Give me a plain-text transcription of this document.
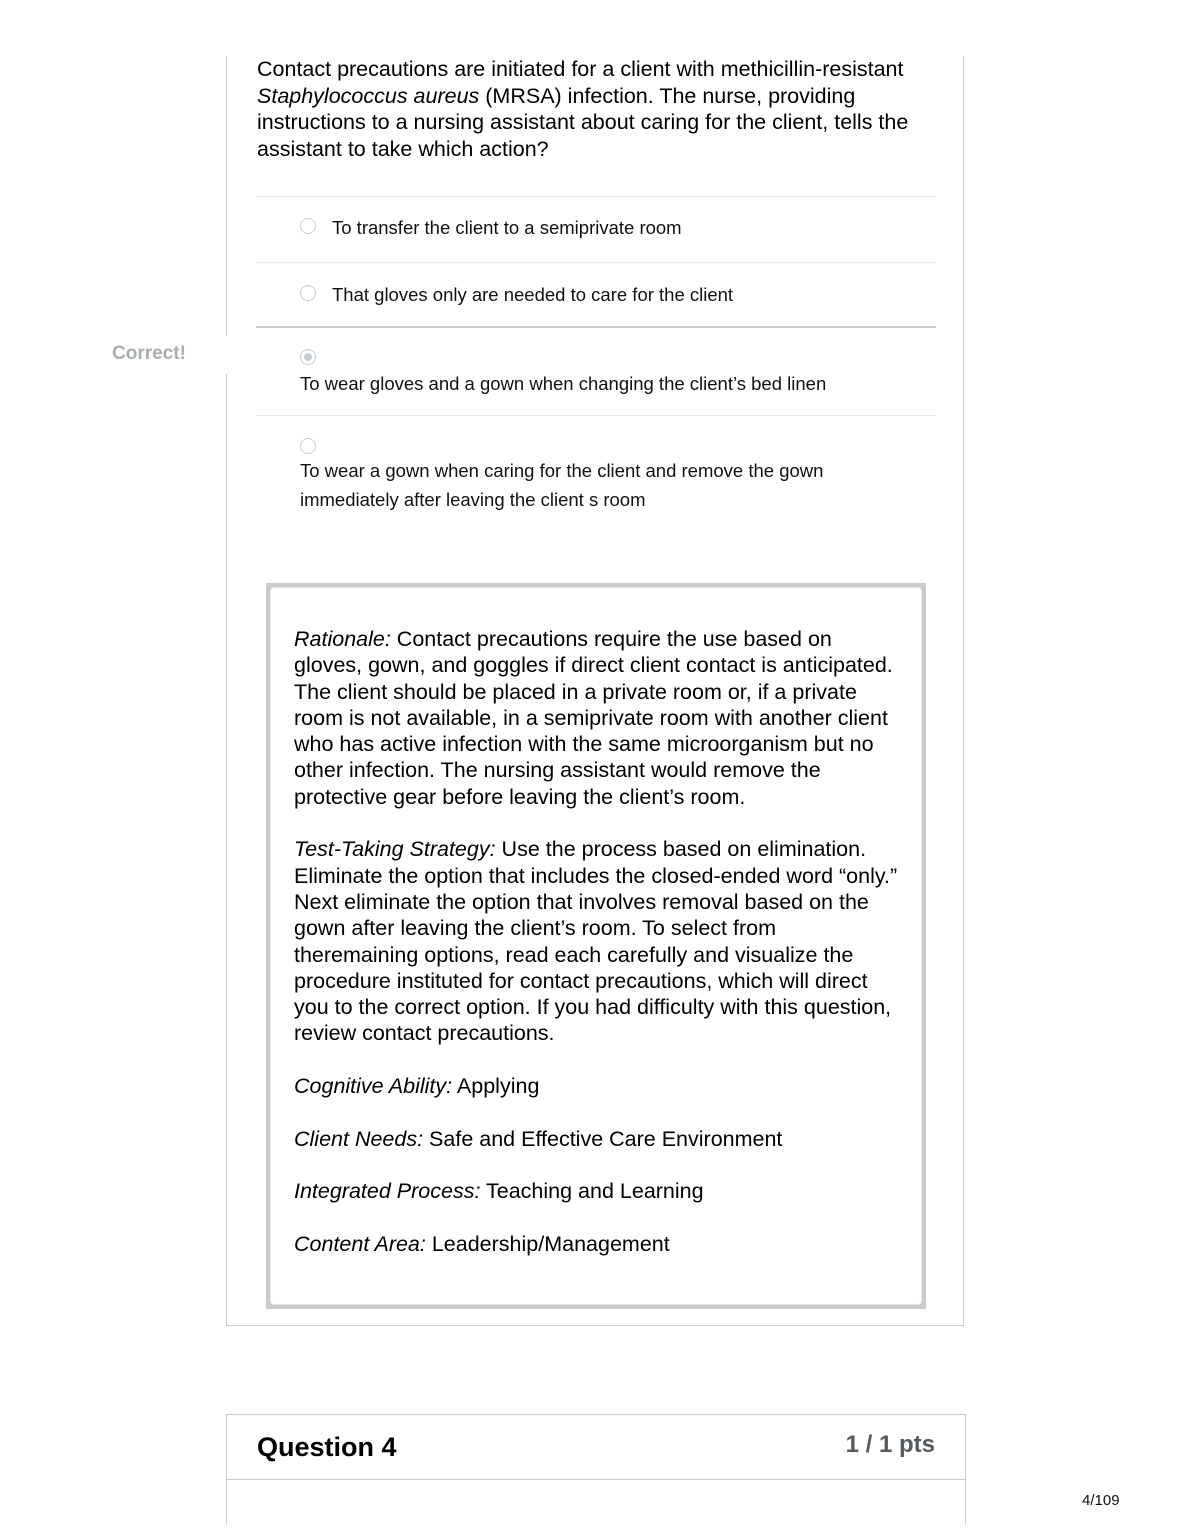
Contact precautions are initiated for a client with methicillin-resistant Staphylococcus aureus (MRSA) infection. The nurse, providing instructions to a nursing assistant about caring for the client, tells the assistant to take which action?

To transfer the client to a semiprivate room
That gloves only are needed to care for the client
To wear gloves and a gown when changing the client’s bed linen
To wear a gown when caring for the client and remove the gown immediately after leaving the client s room
Correct!

Rationale: Contact precautions require the use based on gloves, gown, and goggles if direct client contact is anticipated. The client should be placed in a private room or, if a private room is not available, in a semiprivate room with another client who has active infection with the same microorganism but no other infection. The nursing assistant would remove the protective gear before leaving the client’s room.

Test-Taking Strategy: Use the process based on elimination. Eliminate the option that includes the closed-ended word “only.” Next eliminate the option that involves removal based on the gown after leaving the client’s room. To select from theremaining options, read each carefully and visualize the procedure instituted for contact precautions, which will direct you to the correct option. If you had difficulty with this question, review contact precautions.

Cognitive Ability: Applying

Client Needs: Safe and Effective Care Environment

Integrated Process: Teaching and Learning

Content Area: Leadership/Management

Question 4	1 / 1 pts
4/109
